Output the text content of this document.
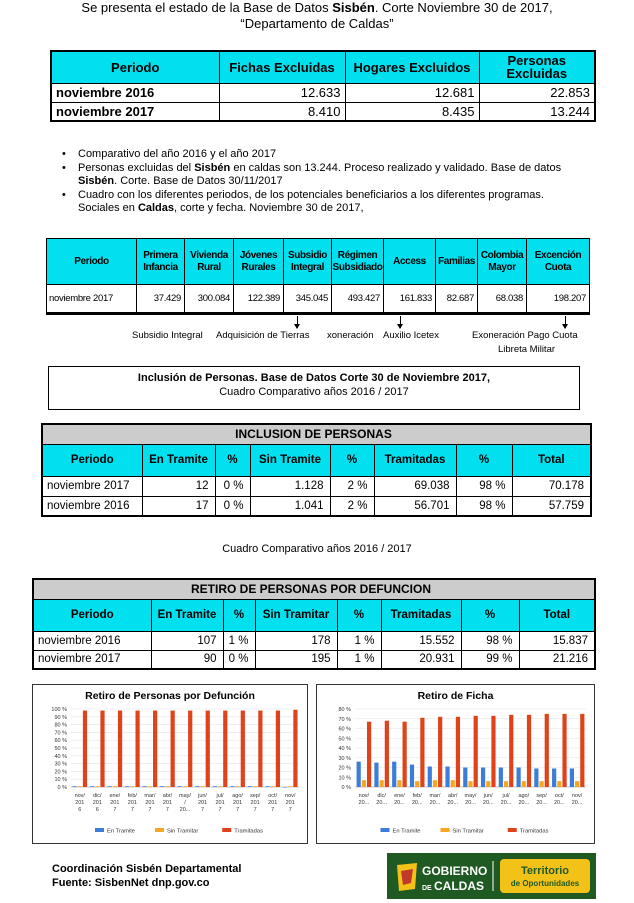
Se presenta el estado de la Base de Datos Sisbén. Corte Noviembre 30 de 2017,
“Departamento de Caldas”
Periodo	Fichas Excluidas	Hogares Excluidos	Personas Excluidas
noviembre 2016	12.633	12.681	22.853
noviembre 2017	8.410	8.435	13.244
• Comparativo del año 2016 y el año 2017
• Personas excluidas del Sisbén en caldas son 13.244. Proceso realizado y validado. Base de datos Sisbén. Corte. Base de Datos 30/11/2017
• Cuadro con los diferentes periodos, de los potenciales beneficiarios a los diferentes programas. Sociales en Caldas, corte y fecha. Noviembre 30 de 2017,
Periodo	Primera Infancia	Vivienda Rural	Jóvenes Rurales	Subsidio Integral	Régimen Subsidiado	Access	Familias	Colombia Mayor	Excención Cuota
noviembre 2017	37.429	300.084	122.389	345.045	493.427	161.833	82.687	68.038	198.207
Subsidio Integral Adquisición de Tierras xoneración Auxilio Icetex	Exoneración Pago Cuota
Libreta Militar
Inclusión de Personas. Base de Datos Corte 30 de Noviembre 2017,
Cuadro Comparativo años 2016 / 2017
INCLUSION DE PERSONAS							
Periodo	En Tramite	%	Sin Tramite	%	Tramitadas	%	Total
noviembre 2017	12	0 %	1.128	2 %	69.038	98 %	70.178
noviembre 2016	17	0 %	1.041	2 %	56.701	98 %	57.759
Cuadro Comparativo años 2016 / 2017
RETIRO DE PERSONAS POR DEFUNCION							
Periodo	En Tramite	%	Sin Tramitar	%	Tramitadas	%	Total
noviembre 2016	107	1 %	178	1 %	15.552	98 %	15.837
noviembre 2017	90	0 %	195	1 %	20.931	99 %	21.216
Retiro de Personas por Defunción
0 %
10 %
20 %
30 %
40 %
50 %
60 %
70 %
80 %
90 %
100 %
nov/
201
6
dic/
201
6
ene/
201
7
feb/
201
7
mar/
201
7
abr/
201
7
may/
/
20...
jun/
201
7
jul/
201
7
ago/
201
7
sep/
201
7
oct/
201
7
nov/
201
7
En Tramite	Sin Tramitar	Tramitadas
Retiro de Ficha
0 %
10 %
20 %
30 %
40 %
50 %
60 %
70 %
80 %
nov/
20...
dic/
20...
ene/
20...
feb/
20...
mar/
20...
abr/
20...
may/
20...
jun/
20...
jul/
20...
ago/
20...
sep/
20...
oct/
20...
nov/
20...
En Tramite	Sin Tramitar	Tramitadas
Coordinación Sisbén Departamental
Fuente: SisbenNet dnp.gov.co
GOBIERNO
DE CALDAS
Territorio
de Oportunidades
